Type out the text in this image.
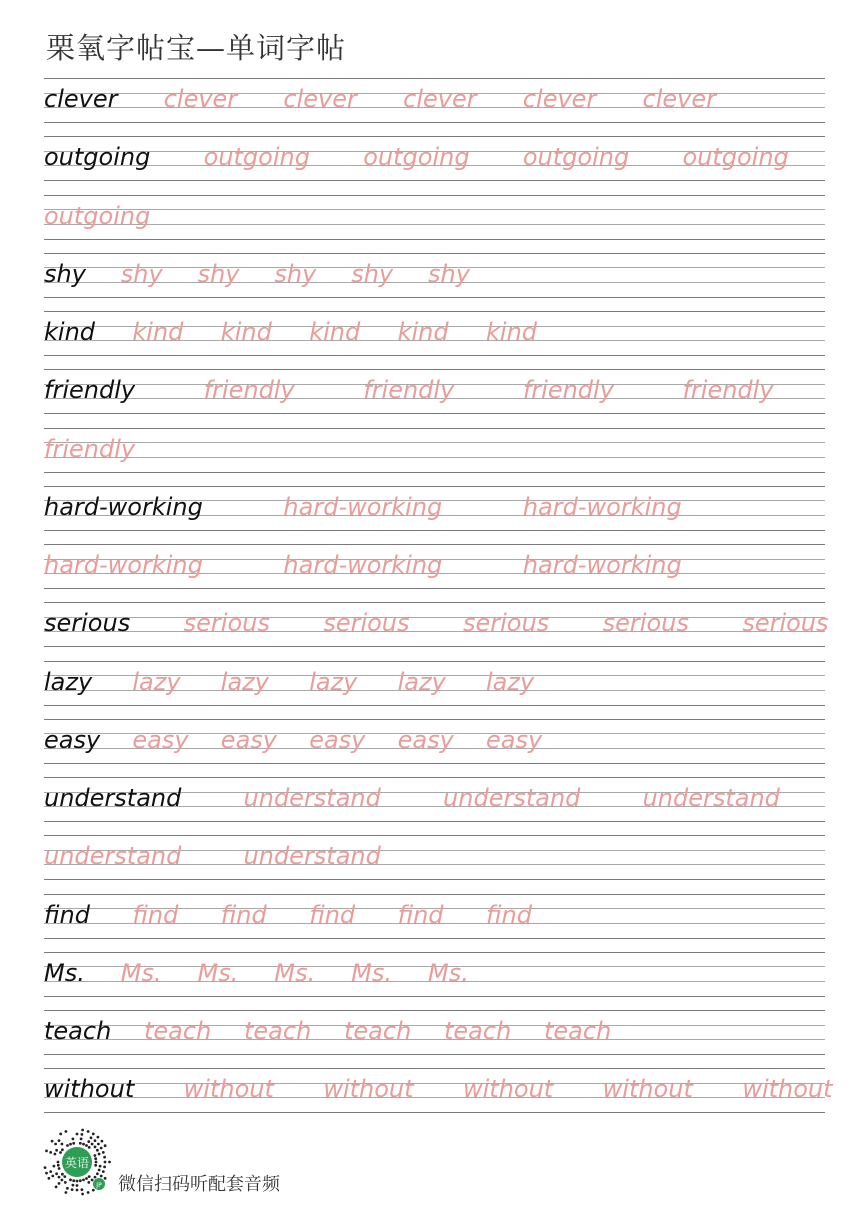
栗氧字帖宝—单词字帖
clever clever clever clever clever clever
outgoing outgoing outgoing outgoing outgoing
outgoing
shy shy shy shy shy shy
kind kind kind kind kind kind
friendly	friendly	friendly	friendly	friendly
friendly
hard-working	hard-working	hard-working
hard-working	hard-working	hard-working
serious serious serious serious serious serious
lazy lazy lazy lazy lazy lazy
easy easy easy easy easy easy
understand	understand	understand	understand
understand	understand
find find find find find find
Ms. Ms. Ms. Ms. Ms. Ms.
teach teach teach teach teach teach
without without without without without without
英语
JP 微信扫码听配套音频
